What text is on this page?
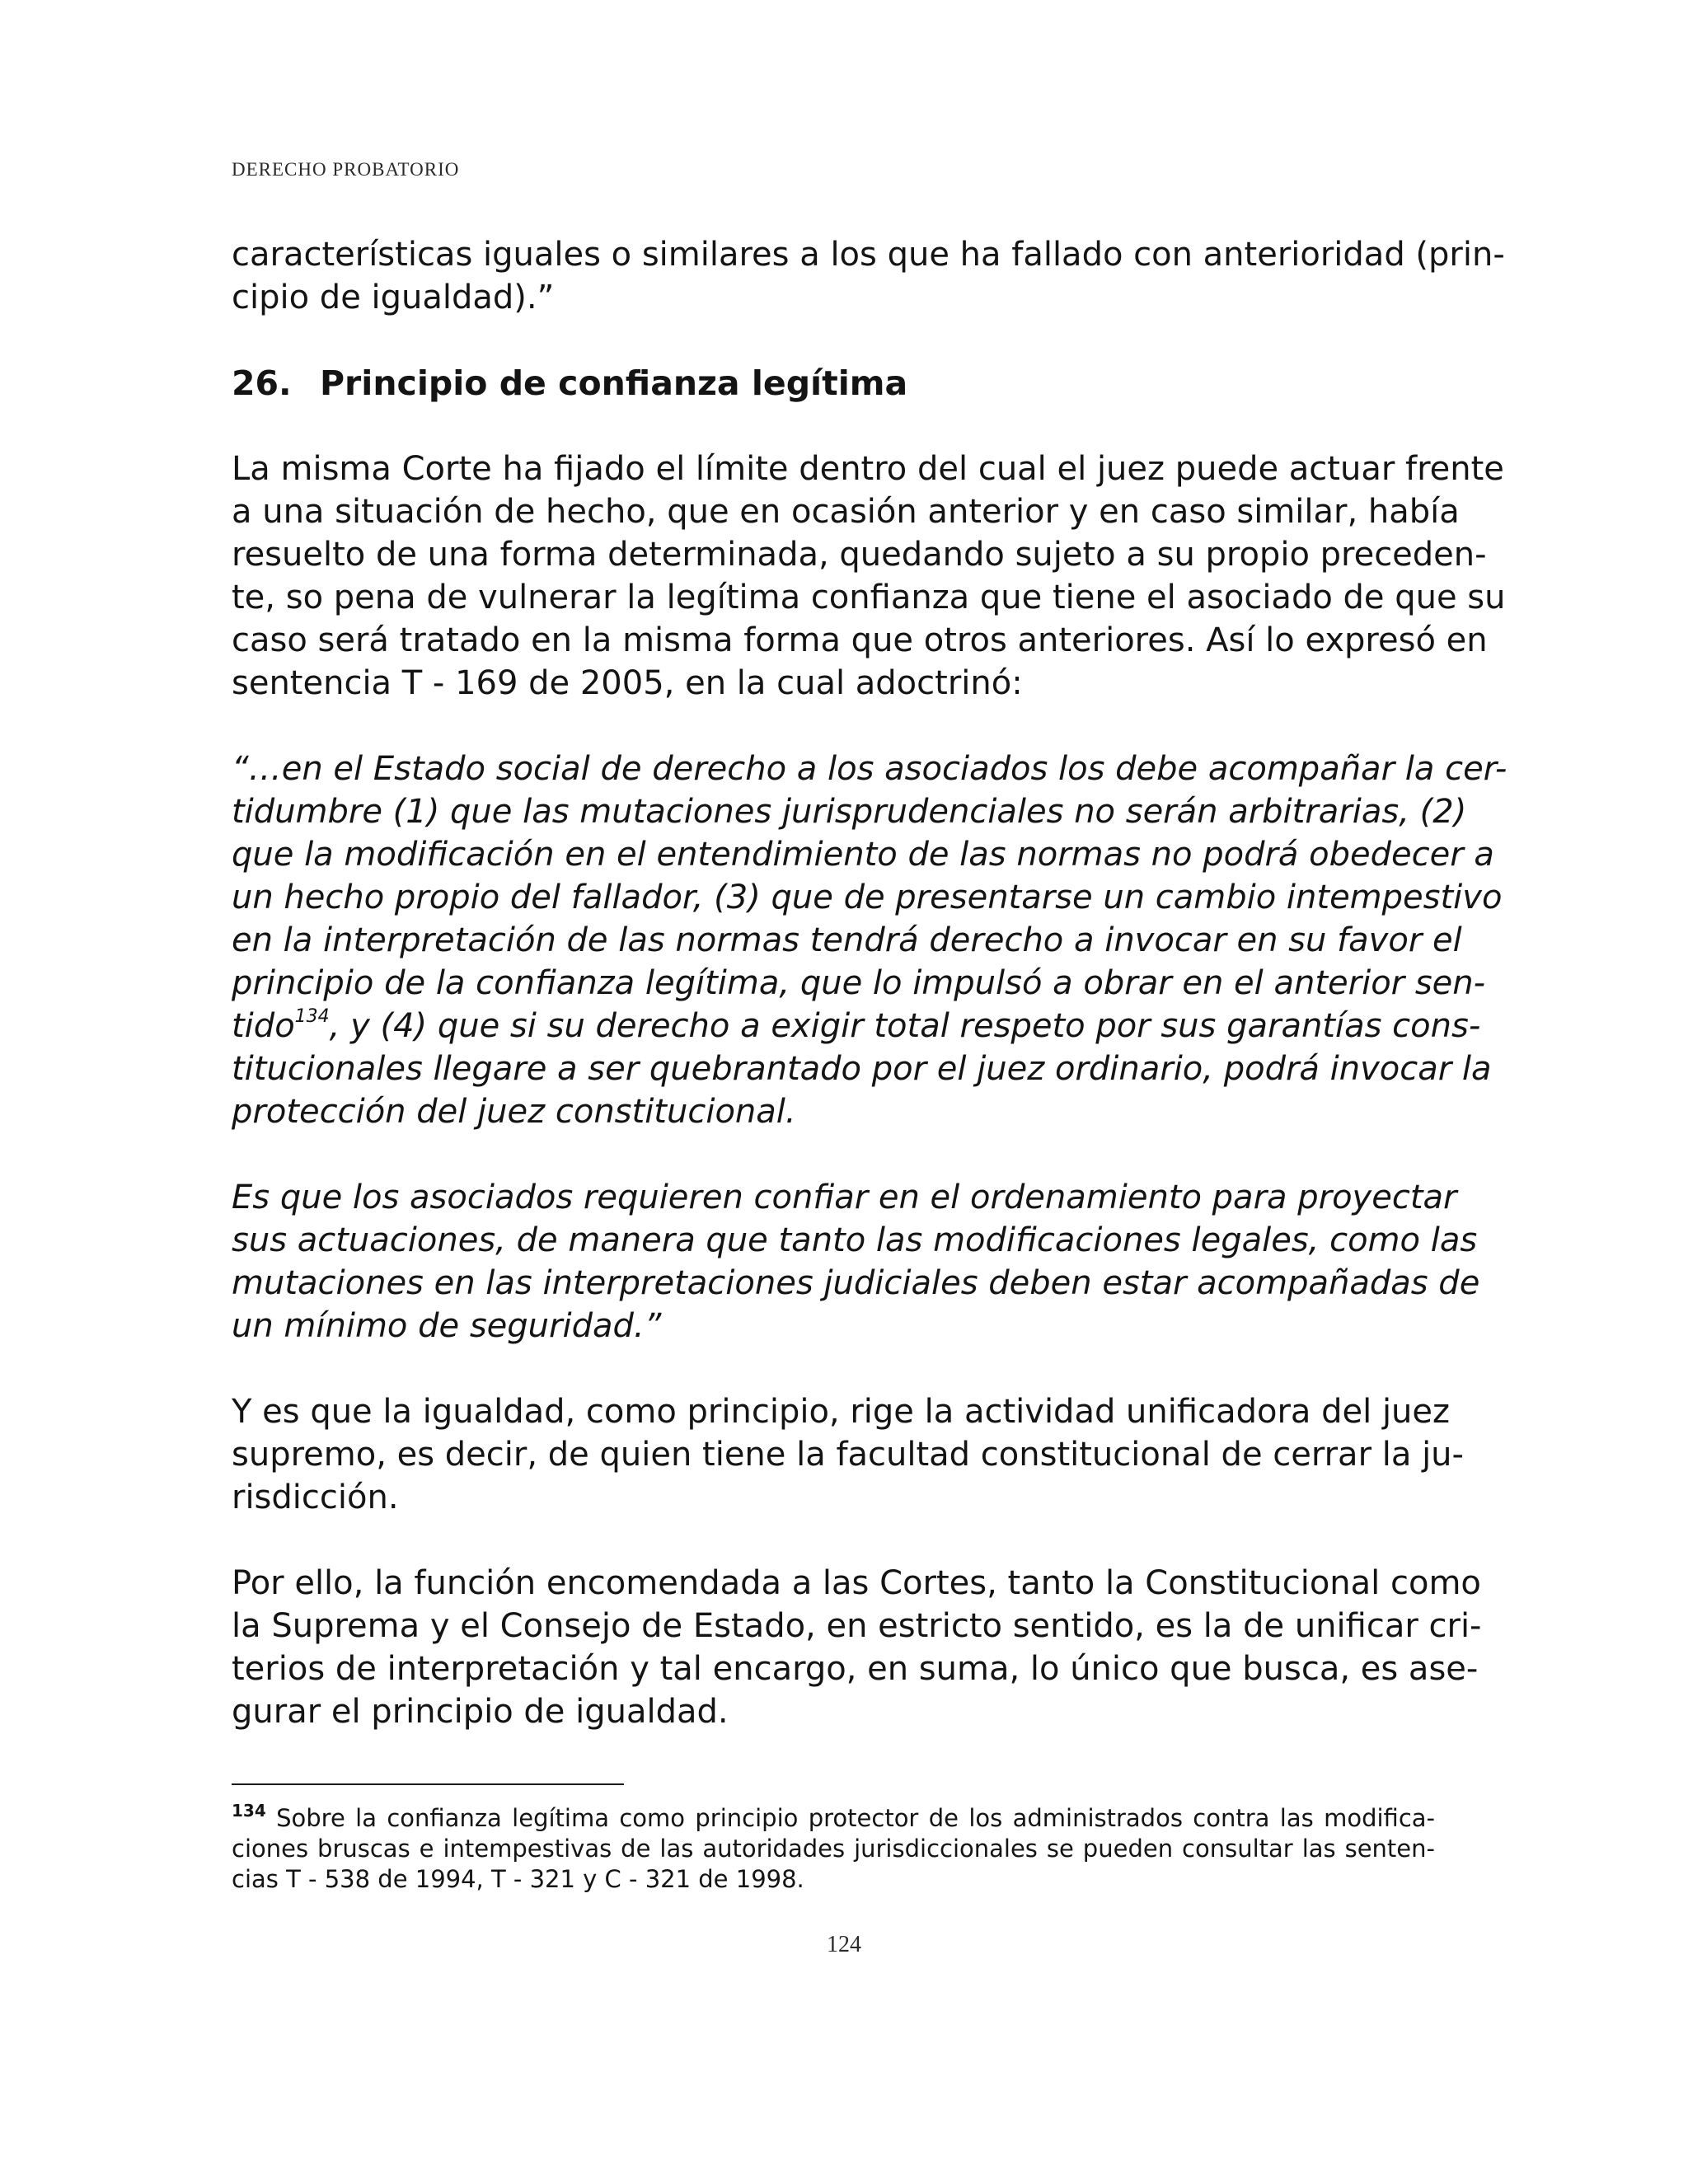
DERECHO PROBATORIO
características iguales o similares a los que ha fallado con anterioridad (prin-
cipio de igualdad).”
26. Principio de confianza legítima
La misma Corte ha fijado el límite dentro del cual el juez puede actuar frente
a una situación de hecho, que en ocasión anterior y en caso similar, había
resuelto de una forma determinada, quedando sujeto a su propio preceden-
te, so pena de vulnerar la legítima confianza que tiene el asociado de que su
caso será tratado en la misma forma que otros anteriores. Así lo expresó en
sentencia T - 169 de 2005, en la cual adoctrinó:
“…en el Estado social de derecho a los asociados los debe acompañar la cer-
tidumbre (1) que las mutaciones jurisprudenciales no serán arbitrarias, (2)
que la modificación en el entendimiento de las normas no podrá obedecer a
un hecho propio del fallador, (3) que de presentarse un cambio intempestivo
en la interpretación de las normas tendrá derecho a invocar en su favor el
principio de la confianza legítima, que lo impulsó a obrar en el anterior sen-
tido$^{134}$, y (4) que si su derecho a exigir total respeto por sus garantías cons-
titucionales llegare a ser quebrantado por el juez ordinario, podrá invocar la
protección del juez constitucional.
Es que los asociados requieren confiar en el ordenamiento para proyectar
sus actuaciones, de manera que tanto las modificaciones legales, como las
mutaciones en las interpretaciones judiciales deben estar acompañadas de
un mínimo de seguridad.”
Y es que la igualdad, como principio, rige la actividad unificadora del juez
supremo, es decir, de quien tiene la facultad constitucional de cerrar la ju-
risdicción.
Por ello, la función encomendada a las Cortes, tanto la Constitucional como
la Suprema y el Consejo de Estado, en estricto sentido, es la de unificar cri-
terios de interpretación y tal encargo, en suma, lo único que busca, es ase-
gurar el principio de igualdad.
$^{134}$ Sobre la confianza legítima como principio protector de los administrados contra las modifica-
ciones bruscas e intempestivas de las autoridades jurisdiccionales se pueden consultar las senten-
cias T - 538 de 1994, T - 321 y C - 321 de 1998.
124
